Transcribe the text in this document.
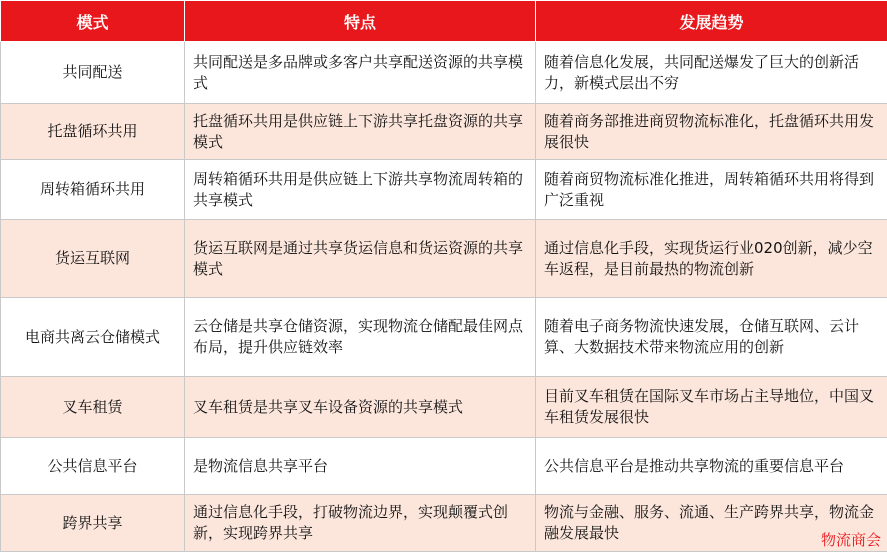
模式	特点	发展趋势
共同配送	共同配送是多品牌或多客户共享配送资源的共享模式	随着信息化发展，共同配送爆发了巨大的创新活力，新模式层出不穷
托盘循环共用	托盘循环共用是供应链上下游共享托盘资源的共享模式	随着商务部推进商贸物流标准化，托盘循环共用发展很快
周转箱循环共用	周转箱循环共用是供应链上下游共享物流周转箱的共享模式	随着商贸物流标准化推进，周转箱循环共用将得到广泛重视
货运互联网	货运互联网是通过共享货运信息和货运资源的共享模式	通过信息化手段，实现货运行业020创新，减少空车返程，是目前最热的物流创新
电商共离云仓储模式	云仓储是共享仓储资源，实现物流仓储配最佳网点布局，提升供应链效率	随着电子商务物流快速发展，仓储互联网、云计算、大数据技术带来物流应用的创新
叉车租赁	叉车租赁是共享叉车设备资源的共享模式	目前叉车租赁在国际叉车市场占主导地位，中国叉车租赁发展很快
公共信息平台	是物流信息共享平台	公共信息平台是推动共享物流的重要信息平台
跨界共享	通过信息化手段，打破物流边界，实现颠覆式创新，实现跨界共享	物流与金融、服务、流通、生产跨界共享，物流金融发展最快	物流商会
